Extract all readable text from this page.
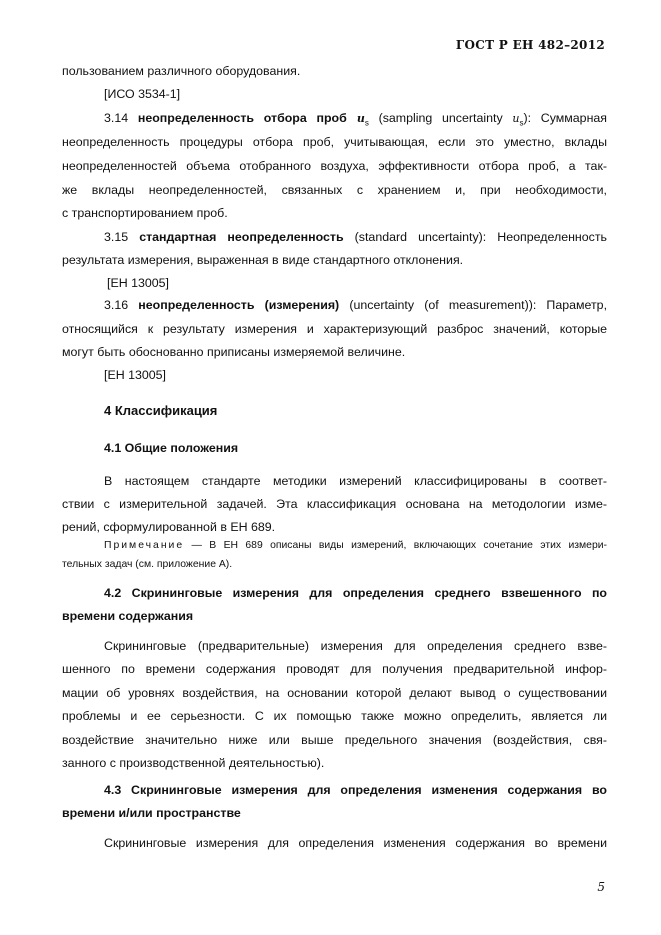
ГОСТ Р ЕН 482–2012
пользованием различного оборудования.
[ИСО 3534-1]
3.14 неопределенность отбора проб $u_s$ (sampling uncertainty $u_s$): Суммарная
неопределенность процедуры отбора проб, учитывающая, если это уместно, вклады
неопределенностей объема отобранного воздуха, эффективности отбора проб, а так-
же вклады неопределенностей, связанных с хранением и, при необходимости,
с транспортированием проб.
3.15 стандартная неопределенность (standard uncertainty): Неопределенность
результата измерения, выраженная в виде стандартного отклонения.
[ЕН 13005]
3.16 неопределенность (измерения) (uncertainty (of measurement)): Параметр,
относящийся к результату измерения и характеризующий разброс значений, которые
могут быть обоснованно приписаны измеряемой величине.
[ЕН 13005]
4 Классификация
4.1 Общие положения
В настоящем стандарте методики измерений классифицированы в соответ-
ствии с измерительной задачей. Эта классификация основана на методологии изме-
рений, сформулированной в ЕН 689.
Примечание — В ЕН 689 описаны виды измерений, включающих сочетание этих измери-
тельных задач (см. приложение А).
4.2 Скрининговые измерения для определения среднего взвешенного по
времени содержания
Скрининговые (предварительные) измерения для определения среднего взве-
шенного по времени содержания проводят для получения предварительной инфор-
мации об уровнях воздействия, на основании которой делают вывод о существовании
проблемы и ее серьезности. С их помощью также можно определить, является ли
воздействие значительно ниже или выше предельного значения (воздействия, свя-
занного с производственной деятельностью).
4.3 Скрининговые измерения для определения изменения содержания во
времени и/или пространстве
Скрининговые измерения для определения изменения содержания во времени
5
